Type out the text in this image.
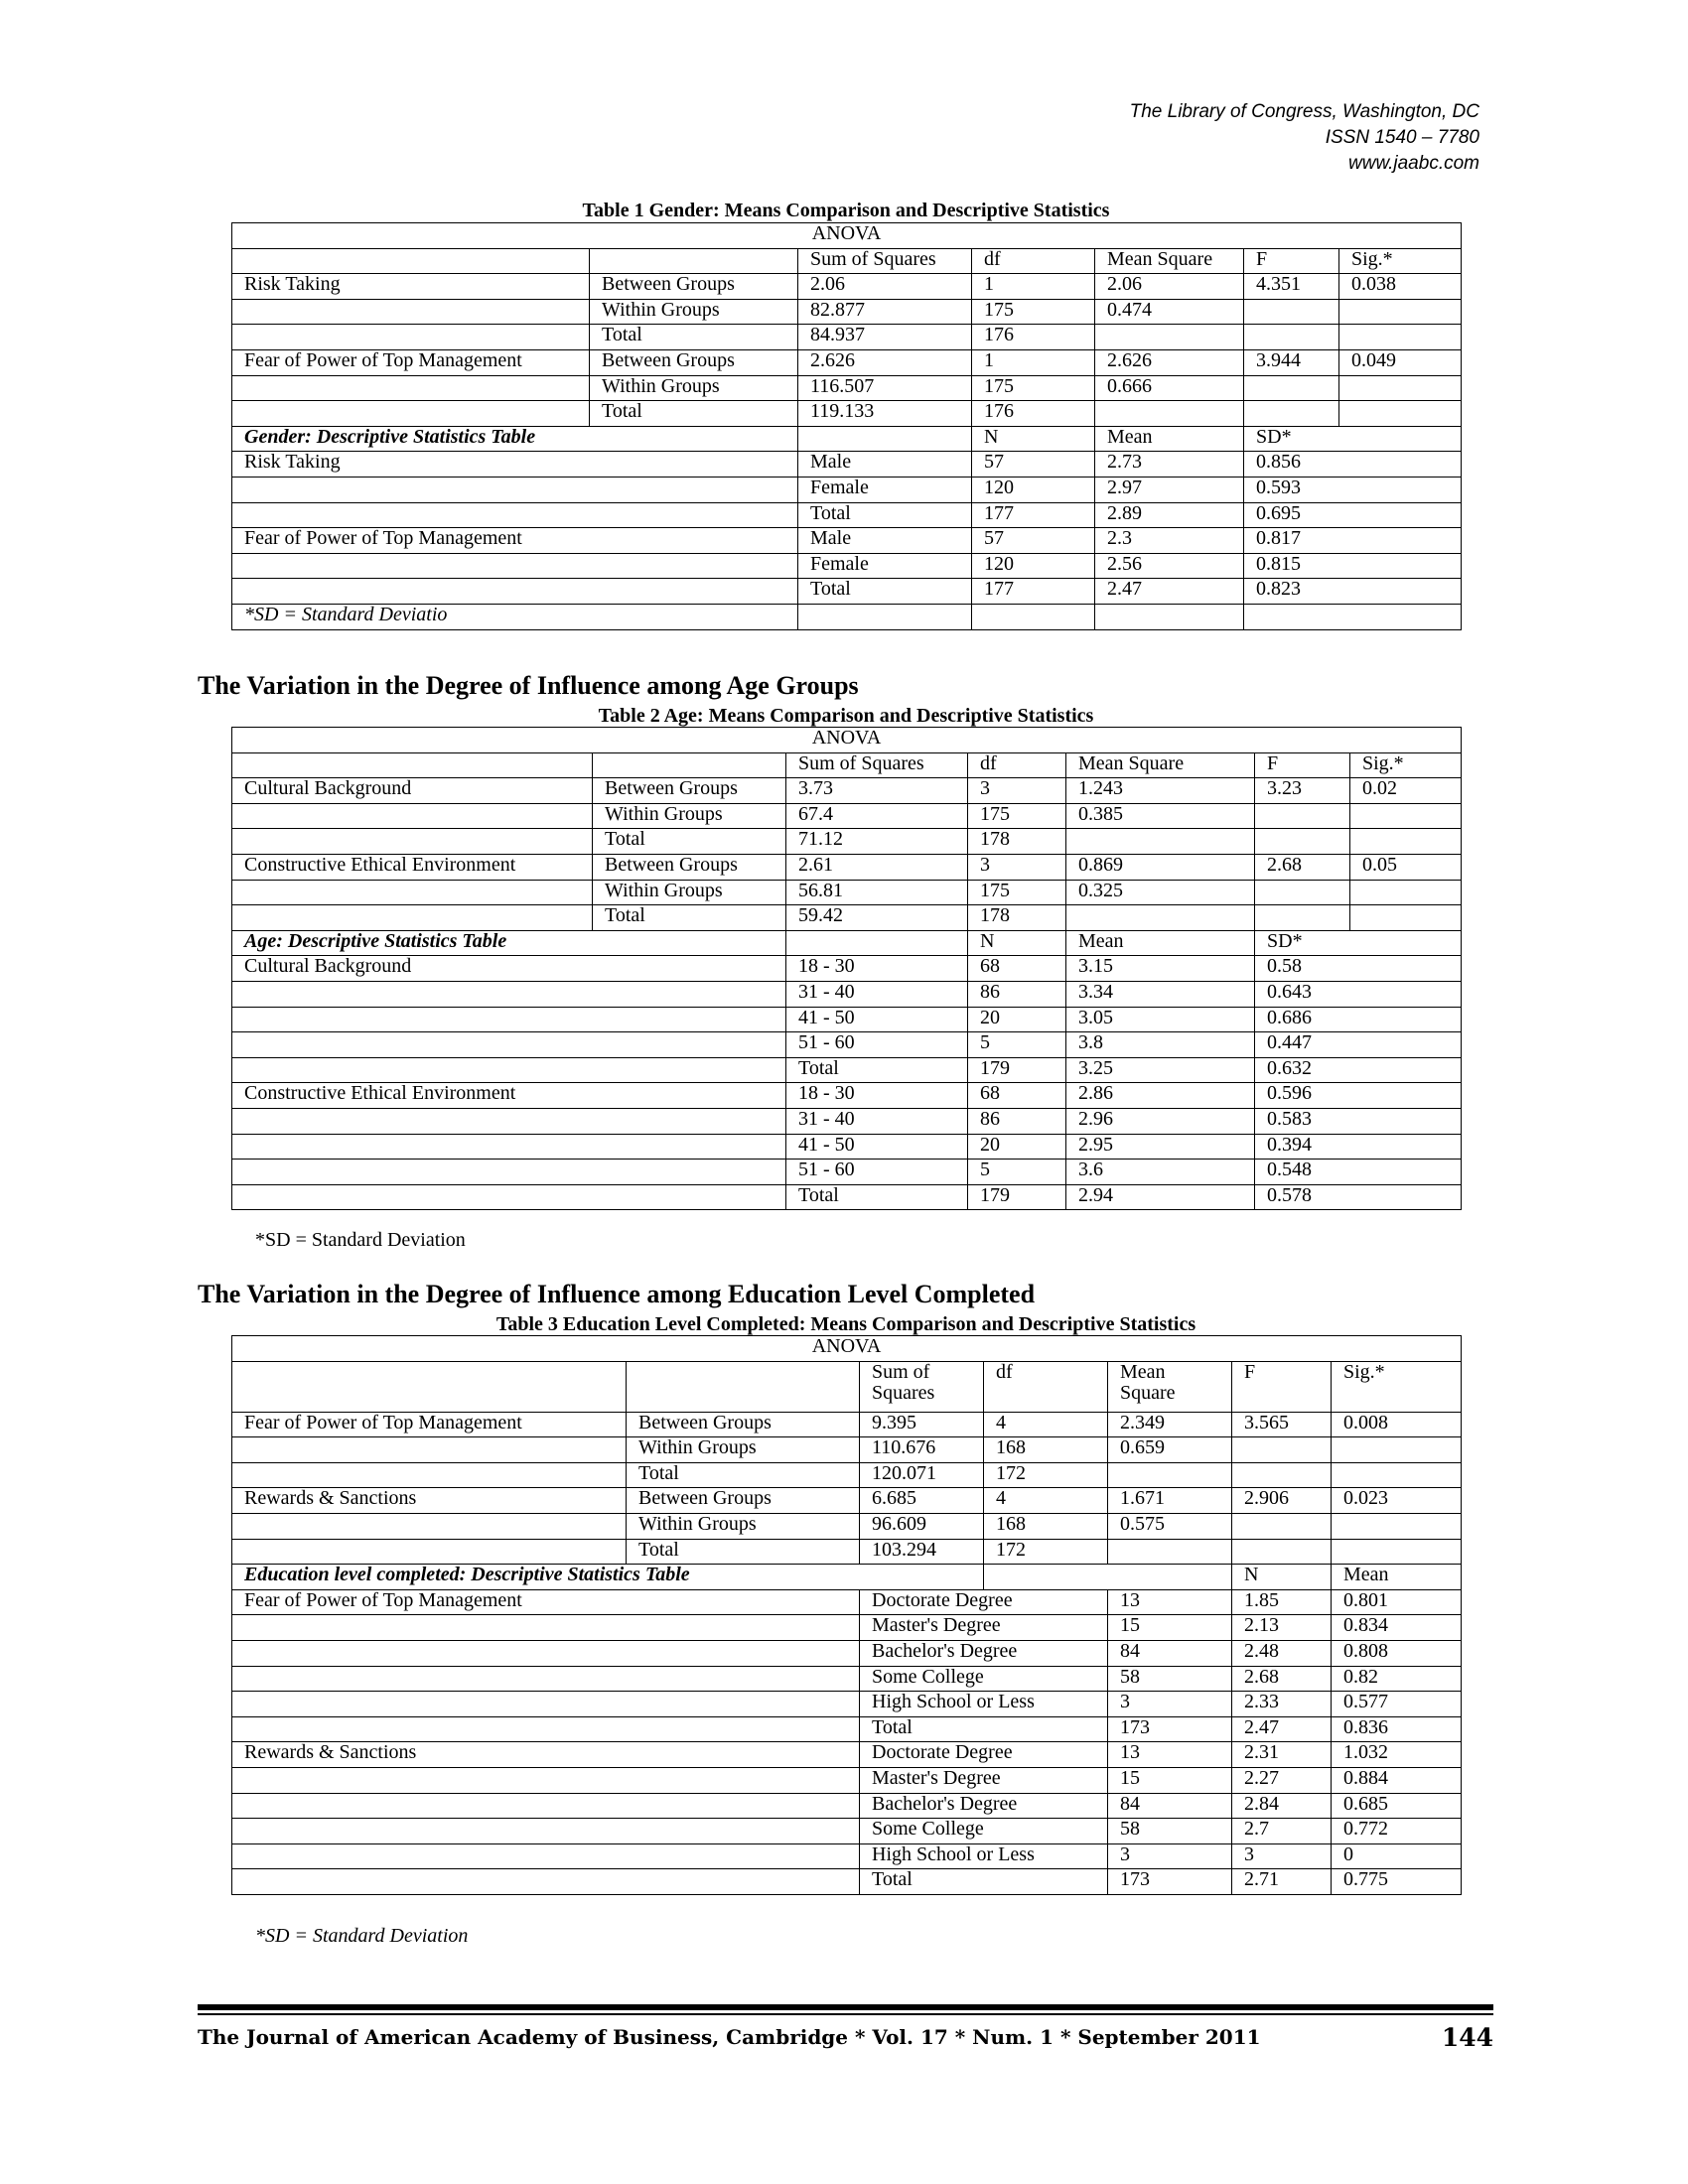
The Library of Congress, Washington, DC
ISSN 1540 – 7780
www.jaabc.com
Table 1 Gender: Means Comparison and Descriptive Statistics
ANOVA						
		Sum of Squares	df	Mean Square	F	Sig.*
Risk Taking	Between Groups	2.06	1	2.06	4.351	0.038
	Within Groups	82.877	175	0.474		
	Total	84.937	176			
Fear of Power of Top Management	Between Groups	2.626	1	2.626	3.944	0.049
	Within Groups	116.507	175	0.666		
	Total	119.133	176			
Gender: Descriptive Statistics Table			N	Mean	SD*	
Risk Taking		Male	57	2.73	0.856	
		Female	120	2.97	0.593	
		Total	177	2.89	0.695	
Fear of Power of Top Management		Male	57	2.3	0.817	
		Female	120	2.56	0.815	
		Total	177	2.47	0.823	
*SD = Standard Deviatio						
The Variation in the Degree of Influence among Age Groups
Table 2 Age: Means Comparison and Descriptive Statistics
ANOVA						
		Sum of Squares	df	Mean Square	F	Sig.*
Cultural Background	Between Groups	3.73	3	1.243	3.23	0.02
	Within Groups	67.4	175	0.385		
	Total	71.12	178			
Constructive Ethical Environment	Between Groups	2.61	3	0.869	2.68	0.05
	Within Groups	56.81	175	0.325		
	Total	59.42	178			
Age: Descriptive Statistics Table			N	Mean	SD*	
Cultural Background		18 - 30	68	3.15	0.58	
		31 - 40	86	3.34	0.643	
		41 - 50	20	3.05	0.686	
		51 - 60	5	3.8	0.447	
		Total	179	3.25	0.632	
Constructive Ethical Environment		18 - 30	68	2.86	0.596	
		31 - 40	86	2.96	0.583	
		41 - 50	20	2.95	0.394	
		51 - 60	5	3.6	0.548	
		Total	179	2.94	0.578	
*SD = Standard Deviation
The Variation in the Degree of Influence among Education Level Completed
Table 3 Education Level Completed: Means Comparison and Descriptive Statistics
ANOVA							
		Sum of Squares	df	Mean Square	F	Sig.*	
Fear of Power of Top Management	Between Groups	9.395	4	2.349	3.565	0.008	
	Within Groups	110.676	168	0.659			
	Total	120.071	172				
Rewards & Sanctions	Between Groups	6.685	4	1.671	2.906	0.023	
	Within Groups	96.609	168	0.575			
	Total	103.294	172				
Education level completed: Descriptive Statistics Table					N	Mean	
Fear of Power of Top Management		Doctorate Degree		13	1.85	0.801	
		Master's Degree		15	2.13	0.834	
		Bachelor's Degree		84	2.48	0.808	
		Some College		58	2.68	0.82	
		High School or Less		3	2.33	0.577	
		Total		173	2.47	0.836	
Rewards & Sanctions		Doctorate Degree		13	2.31	1.032	
		Master's Degree		15	2.27	0.884	
		Bachelor's Degree		84	2.84	0.685	
		Some College		58	2.7	0.772	
		High School or Less		3	3	0	
		Total		173	2.71	0.775	
*SD = Standard Deviation
The Journal of American Academy of Business, Cambridge * Vol. 17 * Num. 1 * September 2011	144
